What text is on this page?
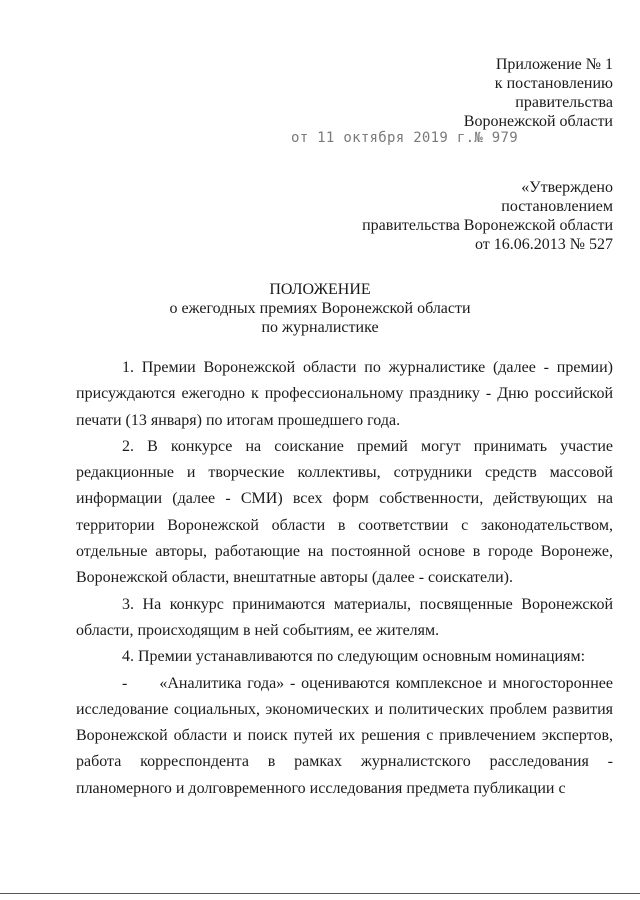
Приложение № 1
к постановлению
правительства
Воронежской области
от 11 октября 2019 г.№ 979
«Утверждено
постановлением
правительства Воронежской области
от 16.06.2013 № 527
ПОЛОЖЕНИЕ
о ежегодных премиях Воронежской области
по журналистике

1. Премии Воронежской области по журналистике (далее - премии) присуждаются ежегодно к профессиональному празднику - Дню российской печати (13 января) по итогам прошедшего года.

2. В конкурсе на соискание премий могут принимать участие редакционные и творческие коллективы, сотрудники средств массовой информации (далее - СМИ) всех форм собственности, действующих на территории Воронежской области в соответствии с законодательством, отдельные авторы, работающие на постоянной основе в городе Воронеже, Воронежской области, внештатные авторы (далее - соискатели).

3. На конкурс принимаются материалы, посвященные Воронежской области, происходящим в ней событиям, ее жителям.

4. Премии устанавливаются по следующим основным номинациям:

-  «Аналитика года» - оцениваются комплексное и многостороннее исследование социальных, экономических и политических проблем развития Воронежской области и поиск путей их решения с привлечением экспертов, работа корреспондента в рамках журналистского расследования - планомерного и долговременного исследования предмета публикации с
